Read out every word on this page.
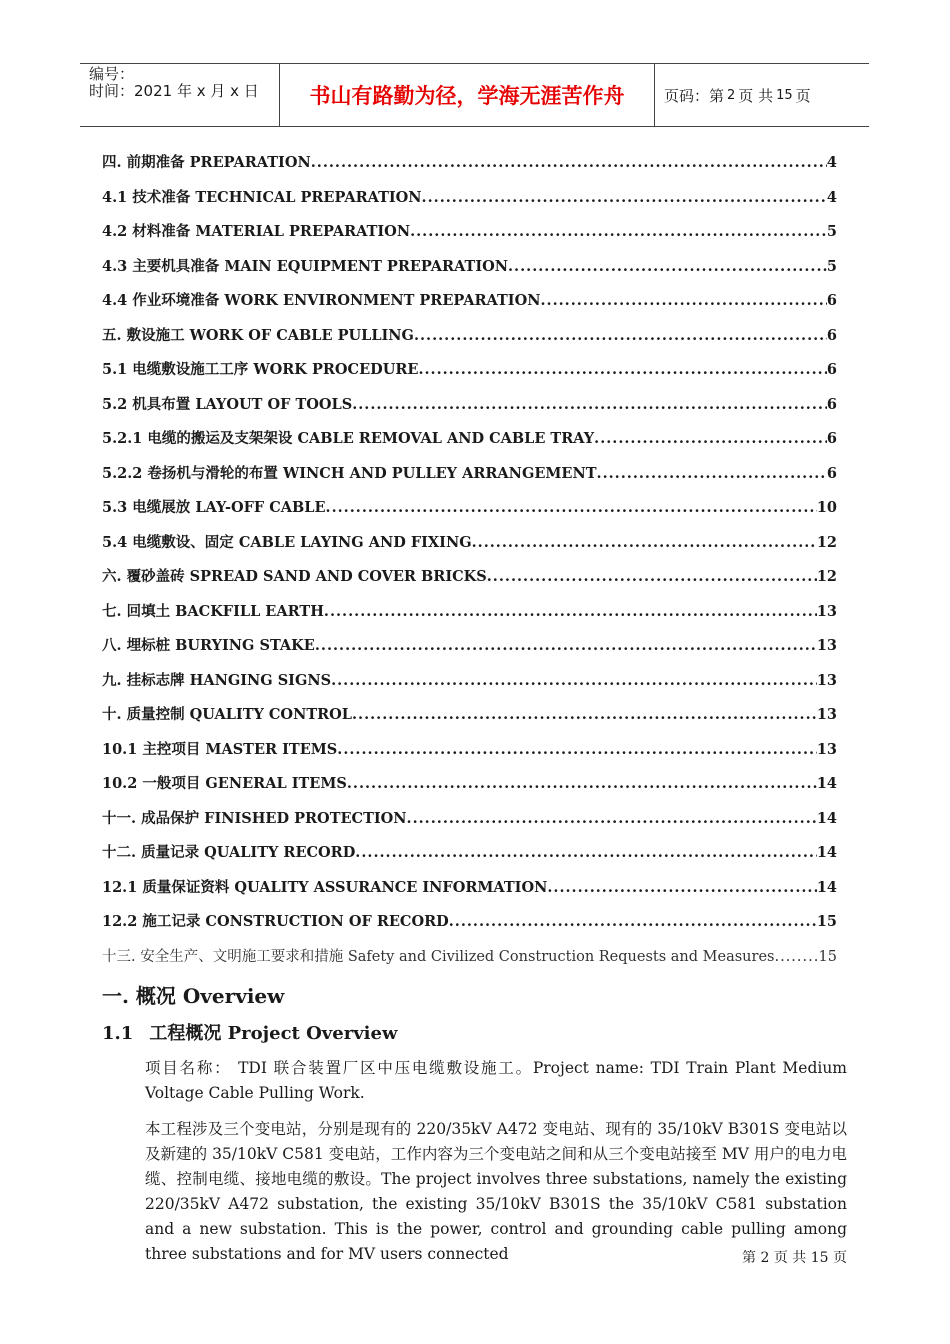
编号：
时间：2021 年 x 月 x 日	书山有路勤为径，学海无涯苦作舟	页码：第 2 页 共 15 页
四. 前期准备 PREPARATION .....	4
4.1 技术准备 TECHNICAL PREPARATION .....	4
4.2 材料准备 MATERIAL PREPARATION .....	5
4.3 主要机具准备 MAIN EQUIPMENT PREPARATION .....	5
4.4 作业环境准备 WORK ENVIRONMENT PREPARATION .....	6
五. 敷设施工 WORK OF CABLE PULLING .....	6
5.1 电缆敷设施工工序 WORK PROCEDURE .....	6
5.2 机具布置 LAYOUT OF TOOLS .....	6
5.2.1 电缆的搬运及支架架设 CABLE REMOVAL AND CABLE TRAY .....	6
5.2.2 卷扬机与滑轮的布置 WINCH AND PULLEY ARRANGEMENT .....	6
5.3 电缆展放 LAY-OFF CABLE .....	10
5.4 电缆敷设、固定 CABLE LAYING AND FIXING .....	12
六. 覆砂盖砖 SPREAD SAND AND COVER BRICKS .....	12
七. 回填土 BACKFILL EARTH .....	13
八. 埋标桩 BURYING STAKE .....	13
九. 挂标志牌 HANGING SIGNS .....	13
十. 质量控制 QUALITY CONTROL .....	13
10.1 主控项目 MASTER ITEMS .....	13
10.2 一般项目 GENERAL ITEMS .....	14
十一. 成品保护 FINISHED PROTECTION .....	14
十二. 质量记录 QUALITY RECORD .....	14
12.1 质量保证资料 QUALITY ASSURANCE INFORMATION .....	14
12.2 施工记录 CONSTRUCTION OF RECORD .....	15
十三. 安全生产、文明施工要求和措施 Safety and Civilized Construction Requests and Measures .....	15
一. 概况 Overview
1.1 工程概况 Project Overview

项目名称： TDI 联合装置厂区中压电缆敷设施工。Project name: TDI Train Plant Medium Voltage Cable Pulling Work.

本工程涉及三个变电站，分别是现有的 220/35kV A472 变电站、现有的 35/10kV B301S 变电站以及新建的 35/10kV C581 变电站，工作内容为三个变电站之间和从三个变电站接至 MV 用户的电力电缆、控制电缆、接地电缆的敷设。The project involves three substations, namely the existing 220/35kV A472 substation, the existing 35/10kV B301S the 35/10kV C581 substation and a new substation. This is the power, control and grounding cable pulling among three substations and for MV users connected	第 2 页 共 15 页
